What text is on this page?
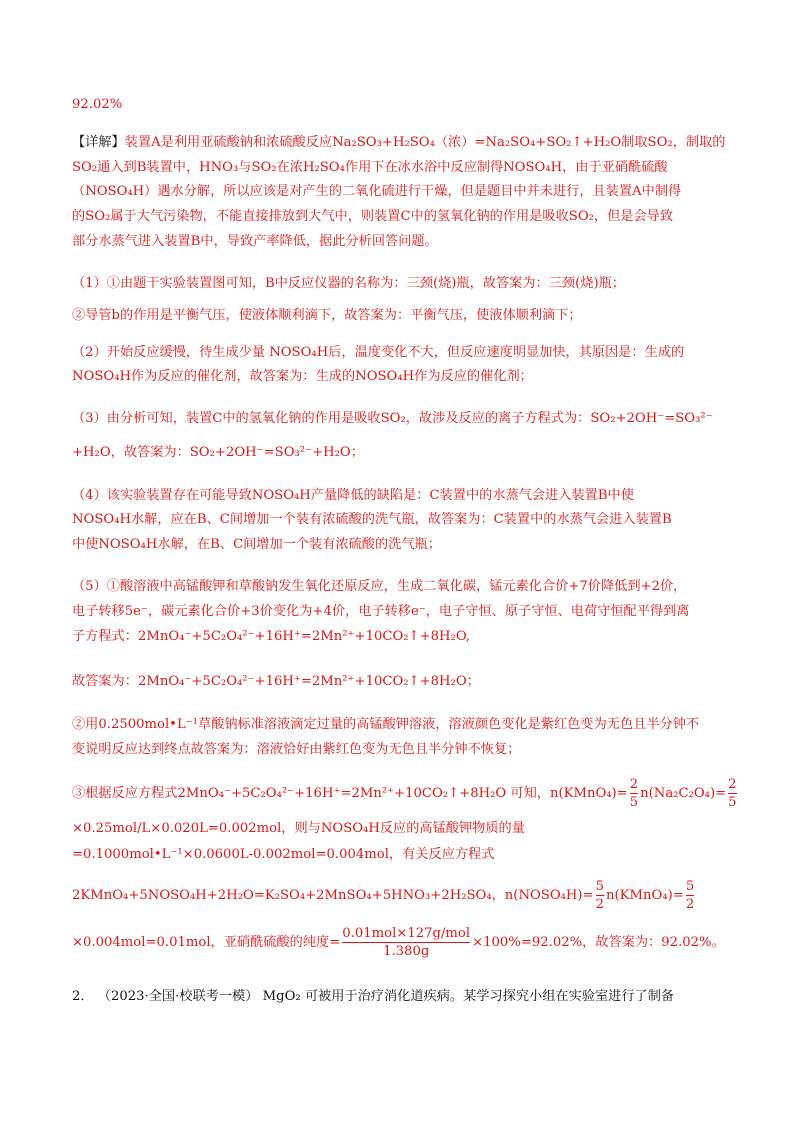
92.02%
【详解】装置A是利用亚硫酸钠和浓硫酸反应Na₂SO₃+H₂SO₄（浓）=Na₂SO₄+SO₂↑+H₂O制取SO₂，制取的
SO₂通入到B装置中，HNO₃与SO₂在浓H₂SO₄作用下在冰水浴中反应制得NOSO₄H，由于亚硝酰硫酸
（NOSO₄H）遇水分解，所以应该是对产生的二氧化硫进行干燥，但是题目中并未进行，且装置A中制得
的SO₂属于大气污染物，不能直接排放到大气中，则装置C中的氢氧化钠的作用是吸收SO₂，但是会导致
部分水蒸气进入装置B中，导致产率降低，据此分析回答问题。
（1）①由题干实验装置图可知，B中反应仪器的名称为：三颈(烧)瓶，故答案为：三颈(烧)瓶；
②导管b的作用是平衡气压，使液体顺利滴下，故答案为：平衡气压，使液体顺利滴下；
（2）开始反应缓慢，待生成少量 NOSO₄H后，温度变化不大，但反应速度明显加快，其原因是：生成的
NOSO₄H作为反应的催化剂，故答案为：生成的NOSO₄H作为反应的催化剂；
（3）由分析可知，装置C中的氢氧化钠的作用是吸收SO₂，故涉及反应的离子方程式为：SO₂+2OH⁻=SO₃²⁻
+H₂O，故答案为：SO₂+2OH⁻=SO₃²⁻+H₂O；
（4）该实验装置存在可能导致NOSO₄H产量降低的缺陷是：C装置中的水蒸气会进入装置B中使
NOSO₄H水解，应在B、C间增加一个装有浓硫酸的洗气瓶，故答案为：C装置中的水蒸气会进入装置B
中使NOSO₄H水解，在B、C间增加一个装有浓硫酸的洗气瓶；
（5）①酸溶液中高锰酸钾和草酸钠发生氧化还原反应，生成二氧化碳，锰元素化合价+7价降低到+2价，
电子转移5e⁻，碳元素化合价+3价变化为+4价，电子转移e⁻，电子守恒、原子守恒、电荷守恒配平得到离
子方程式：2MnO₄⁻+5C₂O₄²⁻+16H⁺=2Mn²⁺+10CO₂↑+8H₂O,
故答案为：2MnO₄⁻+5C₂O₄²⁻+16H⁺=2Mn²⁺+10CO₂↑+8H₂O；
②用0.2500mol•L⁻¹草酸钠标准溶液滴定过量的高锰酸钾溶液，溶液颜色变化是紫红色变为无色且半分钟不
变说明反应达到终点故答案为：溶液恰好由紫红色变为无色且半分钟不恢复；
③根据反应方程式2MnO₄⁻+5C₂O₄²⁻+16H⁺=2Mn²⁺+10CO₂↑+8H₂O 可知，n(KMnO₄)= $\frac{2}{5} n(Na_2C_2O_4)= \frac{2}{5}$
×0.25mol/L×0.020L=0.002mol，则与NOSO₄H反应的高锰酸钾物质的量
=0.1000mol•L⁻¹×0.0600L-0.002mol=0.004mol，有关反应方程式
2KMnO₄+5NOSO₄H+2H₂O=K₂SO₄+2MnSO₄+5HNO₃+2H₂SO₄，n(NOSO₄H)= $\frac{5}{2}$ n(KMnO₄)= $\frac{5}{2}$
×0.004mol=0.01mol，亚硝酰硫酸的纯度= $\frac{\text{0.01mol×127g/mol}}{1.380g} \times 100\%=92.02\%$，故答案为：92.02%。
2． （2023·全国·校联考一模） MgO₂ 可被用于治疗消化道疾病。某学习探究小组在实验室进行了制备
